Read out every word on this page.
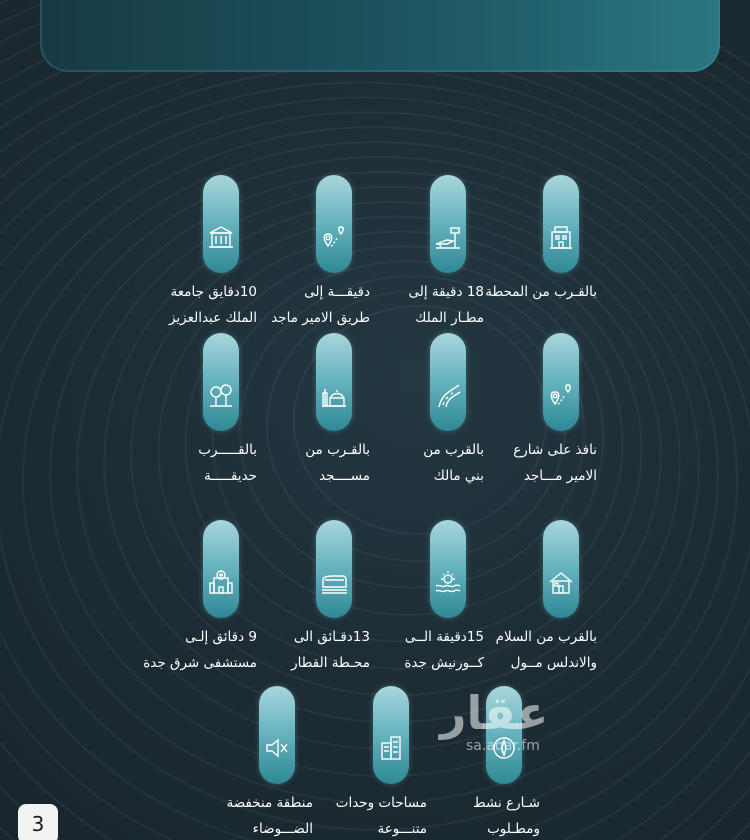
بالقـرب من المحطة
18 دقيقة إلى
مطـار الملك
دقيقـــة إلى
طريق الامير ماجد
10دقايق جامعة
الملك عبدالعزيز
نافذ على شارع
الامير مـــاجد
بالقرب من
بني مالك
بالقـرب من
مســــجد
بالقـــــرب
حديقـــــة
بالقرب من السلام
والاندلس مــول
15دقيقة الــى
كــورنيش جدة
13دقـائق الى
محـطة القطار
9 دقائق إلـى
مستشفى شرق جدة
شـارع نشط
ومطـلوب
مساحات وحدات
متنـــوعة
منطقة منخفضة
الضـــوضاء
عقار
sa.aqar.fm
3
